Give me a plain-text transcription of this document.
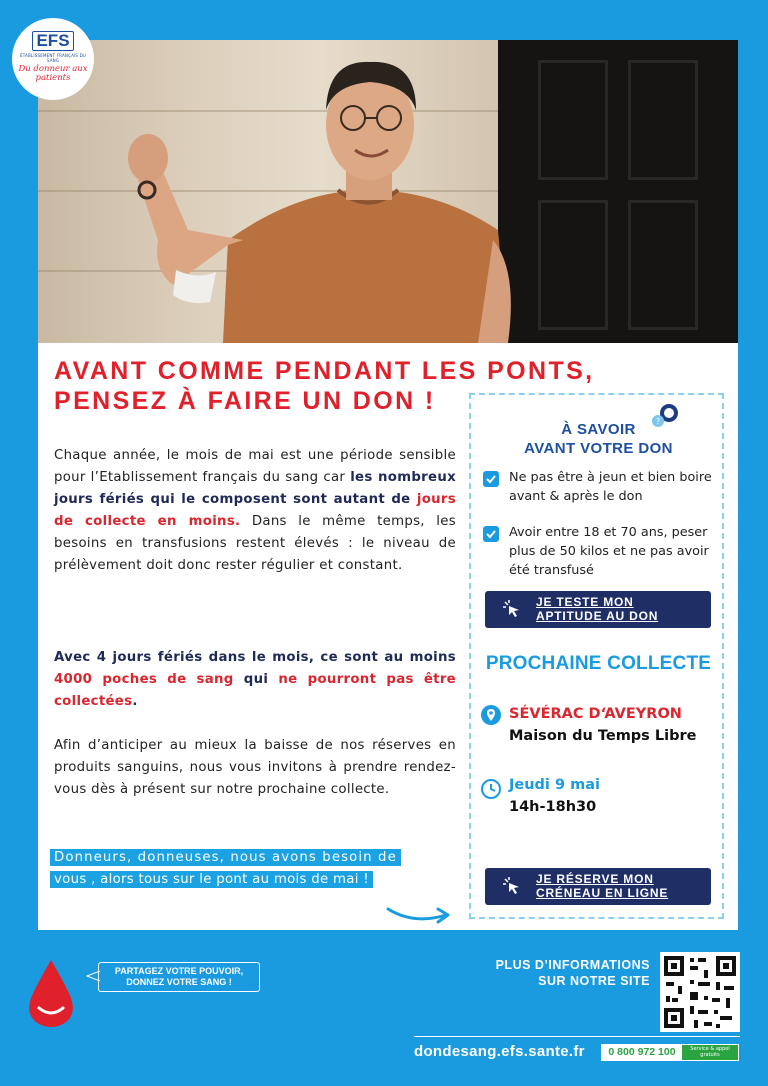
EFS
ÉTABLISSEMENT FRANÇAIS DU SANG
Du donneur aux patients
AVANT COMME PENDANT LES PONTS,
PENSEZ À FAIRE UN DON !
Chaque année, le mois de mai est une période sensible pour l’Etablissement français du sang car les nombreux jours fériés qui le composent sont autant de jours de collecte en moins. Dans le même temps, les besoins en transfusions restent élevés : le niveau de prélèvement doit donc rester régulier et constant.
Avec 4 jours fériés dans le mois, ce sont au moins 4000 poches de sang qui ne pourront pas être collectées.
Afin d’anticiper au mieux la baisse de nos réserves en produits sanguins, nous vous invitons à prendre rendez-vous dès à présent sur notre prochaine collecte.
Donneurs, donneuses, nous avons besoin de
vous , alors tous sur le pont au mois de mai !
?
À SAVOIR
AVANT VOTRE DON
Ne pas être à jeun et bien boire avant & après le don
Avoir entre 18 et 70 ans, peser plus de 50 kilos et ne pas avoir été transfusé
JE TESTE MON
APTITUDE AU DON
PROCHAINE COLLECTE
SÉVÉRAC D‘AVEYRON
Maison du Temps Libre
Jeudi 9 mai
14h-18h30
JE RÉSERVE MON
CRÉNEAU EN LIGNE
PARTAGEZ VOTRE POUVOIR,
DONNEZ VOTRE SANG !
PLUS D’INFORMATIONS
SUR NOTRE SITE
dondesang.efs.sante.fr	0 800 972 100	Service & appel gratuits
